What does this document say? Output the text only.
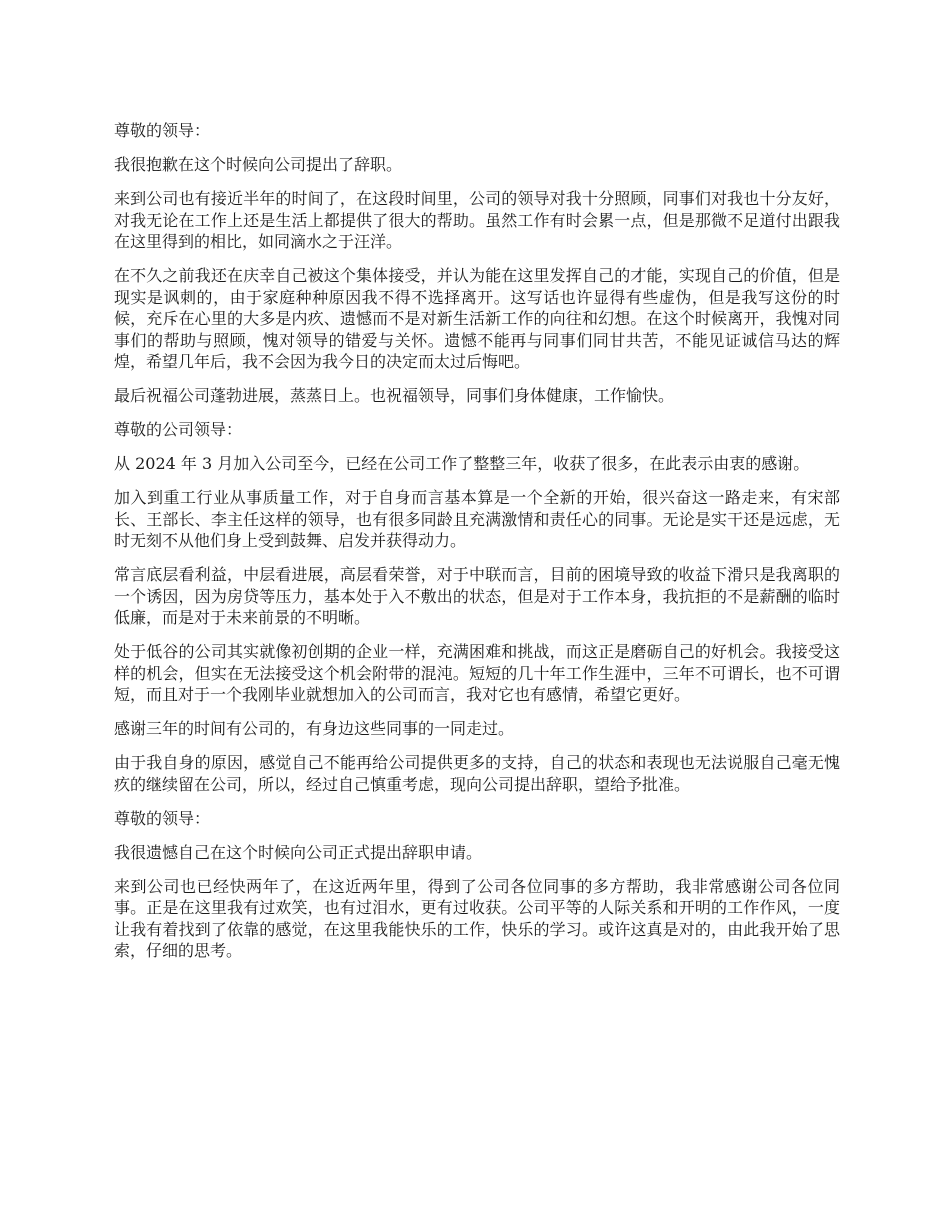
尊敬的领导：

我很抱歉在这个时候向公司提出了辞职。

来到公司也有接近半年的时间了，在这段时间里，公司的领导对我十分照顾，同事们对我也十分友好，对我无论在工作上还是生活上都提供了很大的帮助。虽然工作有时会累一点，但是那微不足道付出跟我在这里得到的相比，如同滴水之于汪洋。

在不久之前我还在庆幸自己被这个集体接受，并认为能在这里发挥自己的才能，实现自己的价值，但是现实是讽刺的，由于家庭种种原因我不得不选择离开。这写话也许显得有些虚伪，但是我写这份的时候，充斥在心里的大多是内疚、遗憾而不是对新生活新工作的向往和幻想。在这个时候离开，我愧对同事们的帮助与照顾，愧对领导的错爱与关怀。遗憾不能再与同事们同甘共苦，不能见证诚信马达的辉煌，希望几年后，我不会因为我今日的决定而太过后悔吧。

最后祝福公司蓬勃进展，蒸蒸日上。也祝福领导，同事们身体健康，工作愉快。

尊敬的公司领导：

从 2024 年 3 月加入公司至今，已经在公司工作了整整三年，收获了很多，在此表示由衷的感谢。

加入到重工行业从事质量工作，对于自身而言基本算是一个全新的开始，很兴奋这一路走来，有宋部长、王部长、李主任这样的领导，也有很多同龄且充满激情和责任心的同事。无论是实干还是远虑，无时无刻不从他们身上受到鼓舞、启发并获得动力。

常言底层看利益，中层看进展，高层看荣誉，对于中联而言，目前的困境导致的收益下滑只是我离职的一个诱因，因为房贷等压力，基本处于入不敷出的状态，但是对于工作本身，我抗拒的不是薪酬的临时低廉，而是对于未来前景的不明晰。

处于低谷的公司其实就像初创期的企业一样，充满困难和挑战，而这正是磨砺自己的好机会。我接受这样的机会，但实在无法接受这个机会附带的混沌。短短的几十年工作生涯中，三年不可谓长，也不可谓短，而且对于一个我刚毕业就想加入的公司而言，我对它也有感情，希望它更好。

感谢三年的时间有公司的，有身边这些同事的一同走过。

由于我自身的原因，感觉自己不能再给公司提供更多的支持，自己的状态和表现也无法说服自己毫无愧疚的继续留在公司，所以，经过自己慎重考虑，现向公司提出辞职，望给予批准。

尊敬的领导：

我很遗憾自己在这个时候向公司正式提出辞职申请。

来到公司也已经快两年了，在这近两年里，得到了公司各位同事的多方帮助，我非常感谢公司各位同事。正是在这里我有过欢笑，也有过泪水，更有过收获。公司平等的人际关系和开明的工作作风，一度让我有着找到了依靠的感觉，在这里我能快乐的工作，快乐的学习。或许这真是对的，由此我开始了思索，仔细的思考。
